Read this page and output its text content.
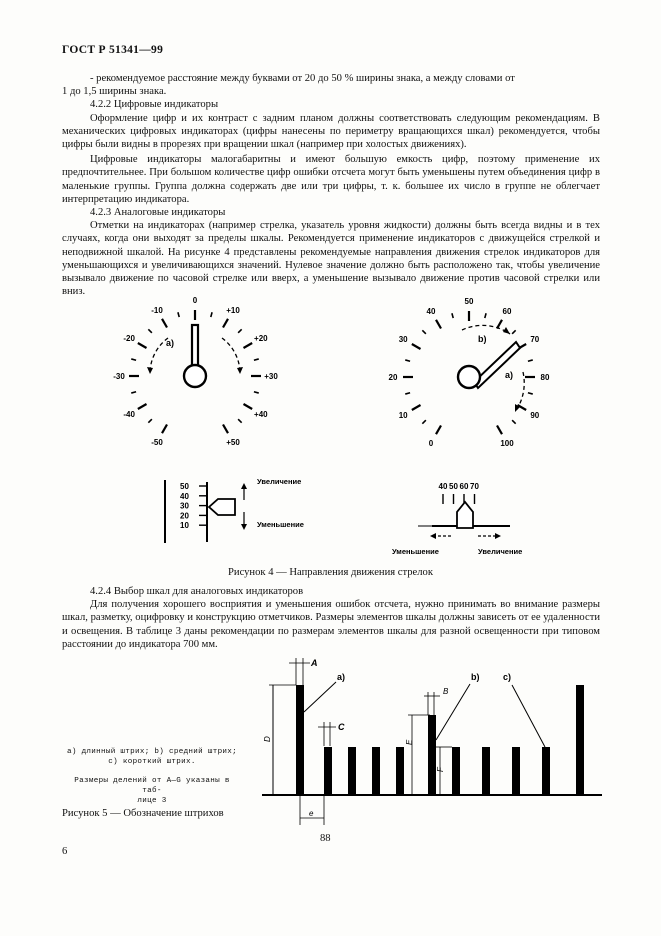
ГОСТ Р 51341—99

- рекомендуемое расстояние между буквами от 20 до 50 % ширины знака, а между словами от

1 до 1,5 ширины знака.

4.2.2 Цифровые индикаторы

Оформление цифр и их контраст с задним планом должны соответствовать следующим рекомендациям. В механических цифровых индикаторах (цифры нанесены по периметру вращающихся шкал) рекомендуется, чтобы цифры были видны в прорезях при вращении шкал (например при холостых движениях).

Цифровые индикаторы малогабаритны и имеют большую емкость цифр, поэтому применение их предпочтительнее. При большом количестве цифр ошибки отсчета могут быть уменьшены путем объединения цифр в маленькие группы. Группа должна содержать две или три цифры, т. к. большее их число в группе не облегчает интерпретацию индикатора.

4.2.3 Аналоговые индикаторы

Отметки на индикаторах (например стрелка, указатель уровня жидкости) должны быть всегда видны и в тех случаях, когда они выходят за пределы шкалы. Рекомендуется применение индикаторов с движущейся стрелкой и неподвижной шкалой. На рисунке 4 представлены рекомендуемые направления движения стрелок индикаторов для уменьшающихся и увеличивающихся значений. Нулевое значение должно быть расположено так, чтобы увеличение вызывало движение по часовой стрелке или вверх, а уменьшение вызывало движение против часовой стрелки или вниз.

-50
-40
-30
-20
-10
0
+10
+20
+30
+40
+50
a)
0
10
20
30
40
50
60
70
80
90
100
b)
a)
50
40
30
20
10
Увеличение
Уменьшение
40 50 60 70
Уменьшение	Увеличение
Рисунок 4 — Направления движения стрелок

4.2.4 Выбор шкал для аналоговых индикаторов

Для получения хорошего восприятия и уменьшения ошибок отсчета, нужно принимать во внимание размеры шкал, разметку, оцифровку и конструкцию отметчиков. Размеры элементов шкалы должны зависеть от ее удаленности и освещения. В таблице 3 даны рекомендации по размерам элементов шкалы для разной освещенности при типовом расстоянии до индикатора 700 мм.

D
A
a)
C
e
E
B
b)
F
c)
a) длинный штрих; b) средний штрих;
c) короткий штрих.
Размеры делений от A—G указаны в таб-
лице 3
Рисунок 5 — Обозначение штрихов
6
88
